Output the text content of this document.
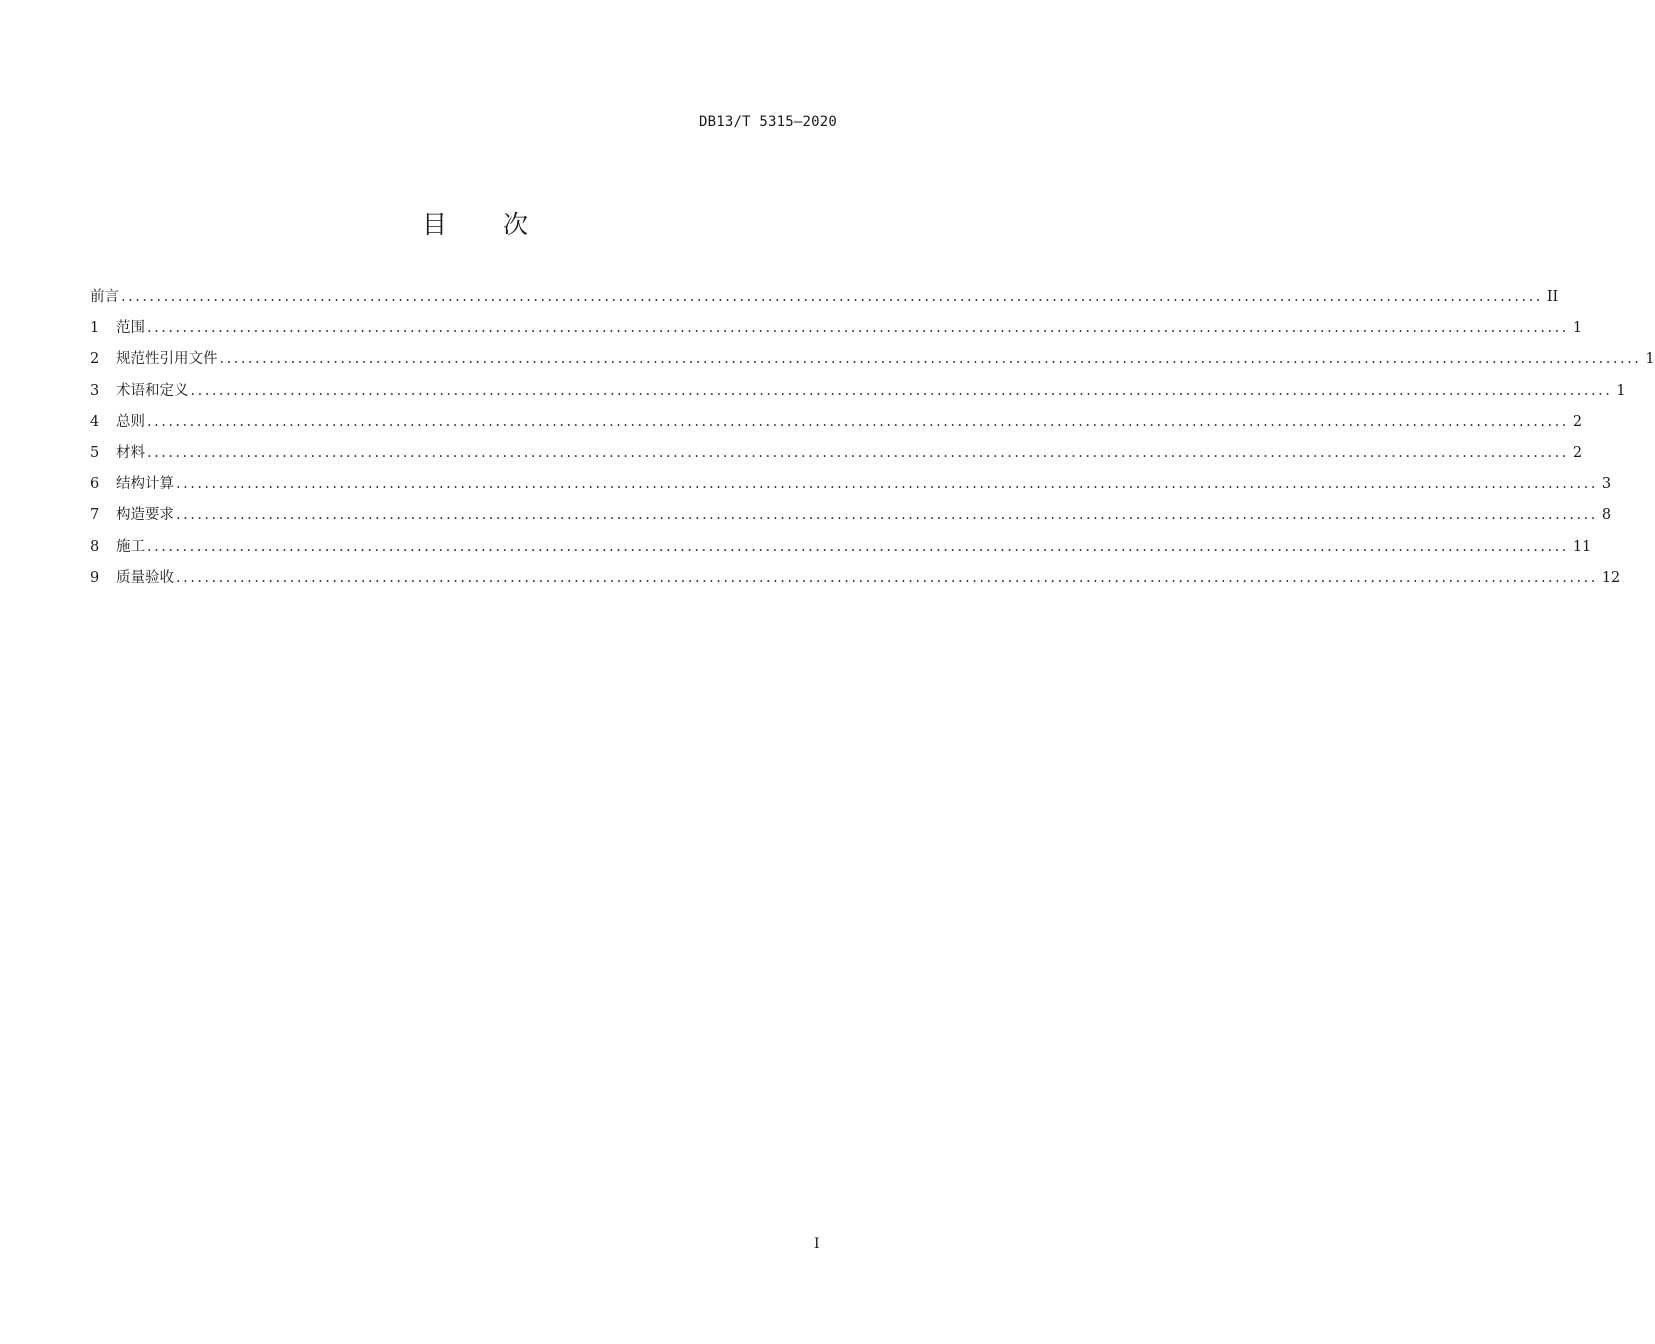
DB13/T 5315—2020
目 次
前言 ........................................................................................................................................................................................................ II
1	范围 ........................................................................................................................................................................................................ 1
2	规范性引用文件 ........................................................................................................................................................................................................ 1
3	术语和定义 ........................................................................................................................................................................................................ 1
4	总则 ........................................................................................................................................................................................................ 2
5	材料 ........................................................................................................................................................................................................ 2
6	结构计算 ........................................................................................................................................................................................................ 3
7	构造要求 ........................................................................................................................................................................................................ 8
8	施工 ........................................................................................................................................................................................................ 11
9	质量验收 ........................................................................................................................................................................................................ 12
I
